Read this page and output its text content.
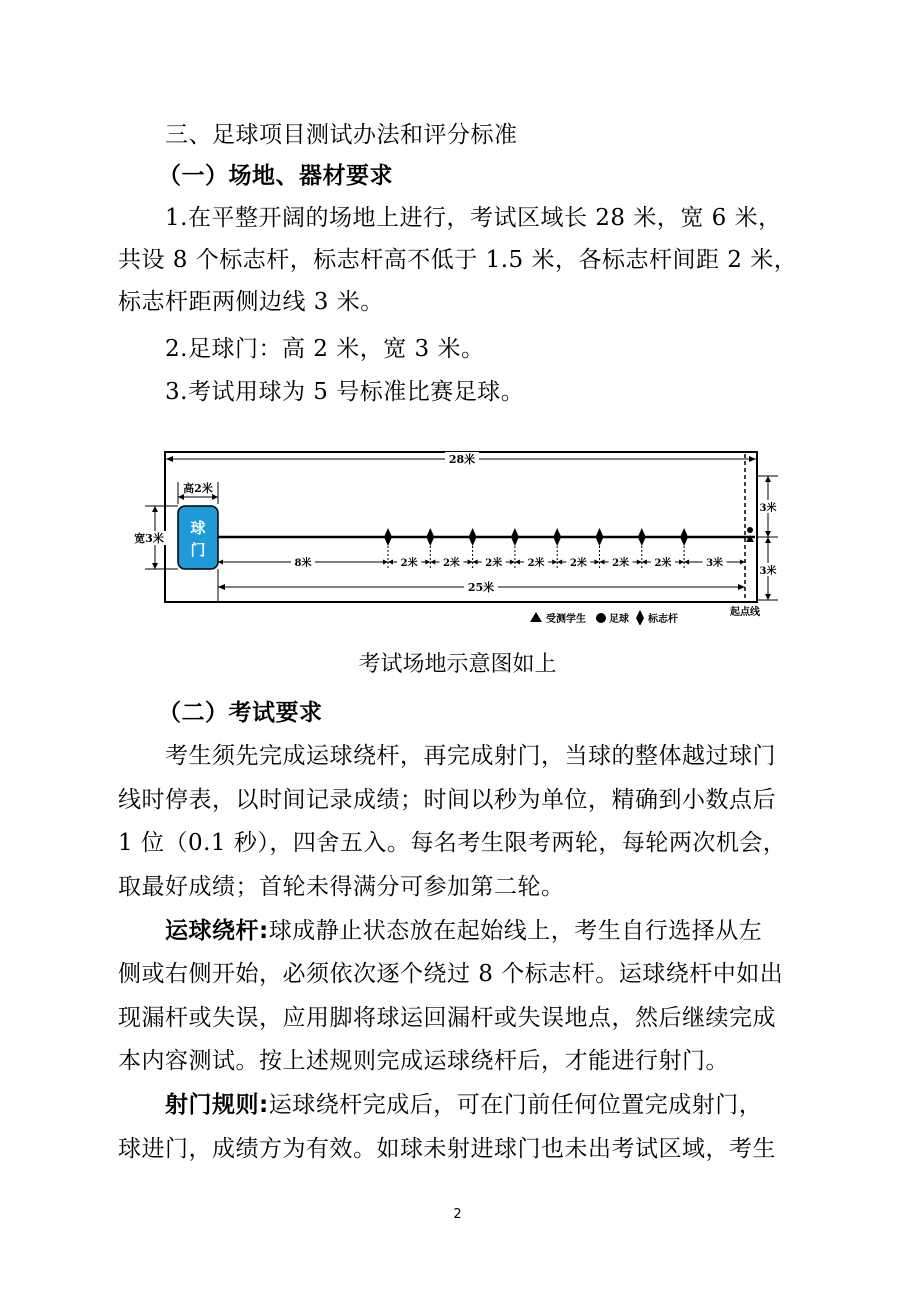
三、足球项目测试办法和评分标准
（一）场地、器材要求
1.在平整开阔的场地上进行，考试区域长 28 米，宽 6 米，
共设 8 个标志杆，标志杆高不低于 1.5 米，各标志杆间距 2 米，
标志杆距两侧边线 3 米。
2.足球门：高 2 米，宽 3 米。
3.考试用球为 5 号标准比赛足球。
28米
高2米
宽3米
球
门
8米	2米	2米	2米	2米	2米	2米	2米	3米
25米
3米
3米
起点线
受测学生 足球 标志杆
考试场地示意图如上
（二）考试要求
考生须先完成运球绕杆，再完成射门，当球的整体越过球门
线时停表，以时间记录成绩；时间以秒为单位，精确到小数点后
1 位（0.1 秒），四舍五入。每名考生限考两轮，每轮两次机会，
取最好成绩；首轮未得满分可参加第二轮。
运球绕杆:球成静止状态放在起始线上，考生自行选择从左
侧或右侧开始，必须依次逐个绕过 8 个标志杆。运球绕杆中如出
现漏杆或失误，应用脚将球运回漏杆或失误地点，然后继续完成
本内容测试。按上述规则完成运球绕杆后，才能进行射门。
射门规则:运球绕杆完成后，可在门前任何位置完成射门，
球进门，成绩方为有效。如球未射进球门也未出考试区域，考生
2
